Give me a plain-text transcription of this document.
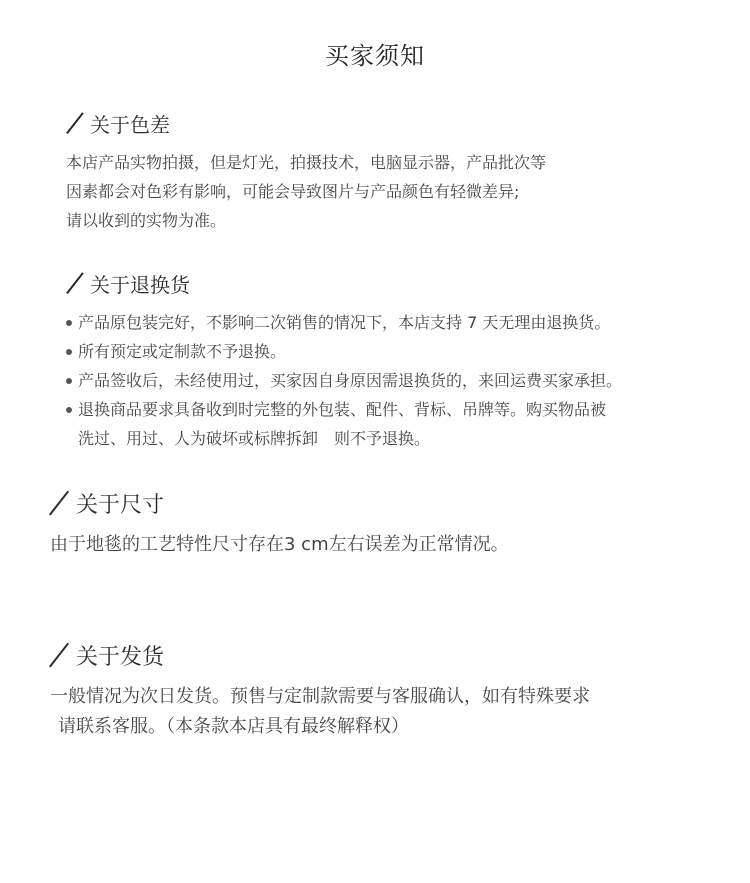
买家须知
关于色差
本店产品实物拍摄，但是灯光，拍摄技术，电脑显示器，产品批次等
因素都会对色彩有影响，可能会导致图片与产品颜色有轻微差异;
请以收到的实物为准。
关于退换货
产品原包装完好，不影响二次销售的情况下，本店支持 7 天无理由退换货。
所有预定或定制款不予退换。
产品签收后，未经使用过，买家因自身原因需退换货的，来回运费买家承担。
退换商品要求具备收到时完整的外包装、配件、背标、吊牌等。购买物品被
洗过、用过、人为破坏或标牌拆卸　则不予退换。
关于尺寸
由于地毯的工艺特性尺寸存在3 cm左右误差为正常情况。
关于发货
一般情况为次日发货。预售与定制款需要与客服确认，如有特殊要求
请联系客服。（本条款本店具有最终解释权）
